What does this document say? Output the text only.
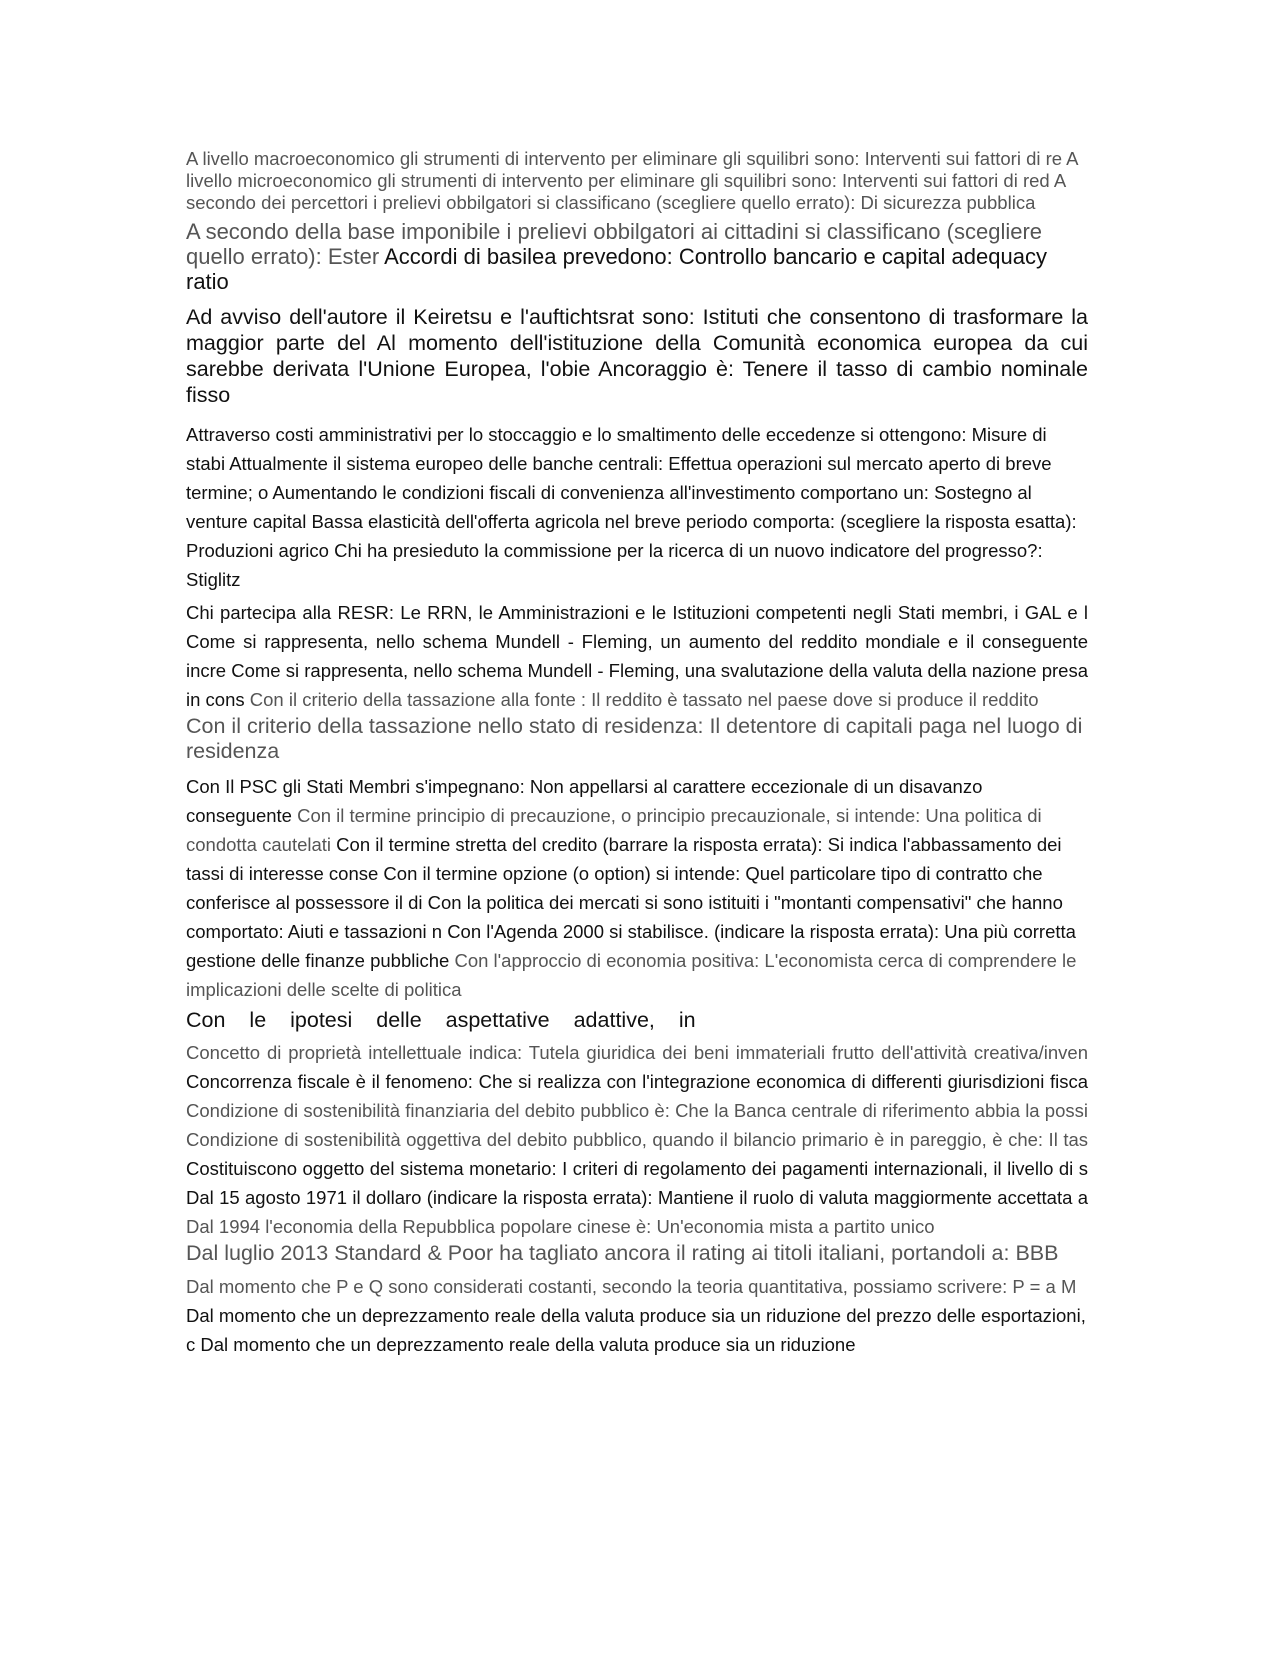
A livello macroeconomico gli strumenti di intervento per eliminare gli squilibri sono: Interventi sui fattori di re A livello microeconomico gli strumenti di intervento per eliminare gli squilibri sono: Interventi sui fattori di red A secondo dei percettori i prelievi obbilgatori si classificano (scegliere quello errato): Di sicurezza pubblica

A secondo della base imponibile i prelievi obbilgatori ai cittadini si classificano (scegliere quello errato): Ester Accordi di basilea prevedono: Controllo bancario e capital adequacy ratio

Ad avviso dell'autore il Keiretsu e l'auftichtsrat sono: Istituti che consentono di trasformare la maggior parte del Al momento dell'istituzione della Comunità economica europea da cui sarebbe derivata l'Unione Europea, l'obie Ancoraggio è: Tenere il tasso di cambio nominale fisso

Attraverso costi amministrativi per lo stoccaggio e lo smaltimento delle eccedenze si ottengono: Misure di stabi Attualmente il sistema europeo delle banche centrali: Effettua operazioni sul mercato aperto di breve termine; o Aumentando le condizioni fiscali di convenienza all'investimento comportano un: Sostegno al venture capital Bassa elasticità dell'offerta agricola nel breve periodo comporta: (scegliere la risposta esatta): Produzioni agrico Chi ha presieduto la commissione per la ricerca di un nuovo indicatore del progresso?: Stiglitz

Chi partecipa alla RESR: Le RRN, le Amministrazioni e le Istituzioni competenti negli Stati membri, i GAL e l Come si rappresenta, nello schema Mundell - Fleming, un aumento del reddito mondiale e il conseguente incre Come si rappresenta, nello schema Mundell - Fleming, una svalutazione della valuta della nazione presa in cons Con il criterio della tassazione alla fonte : Il reddito è tassato nel paese dove si produce il reddito

Con il criterio della tassazione nello stato di residenza: Il detentore di capitali paga nel luogo di residenza

Con Il PSC gli Stati Membri s'impegnano: Non appellarsi al carattere eccezionale di un disavanzo conseguente Con il termine principio di precauzione, o principio precauzionale, si intende: Una politica di condotta cautelati Con il termine stretta del credito (barrare la risposta errata): Si indica l'abbassamento dei tassi di interesse conse Con il termine opzione (o option) si intende: Quel particolare tipo di contratto che conferisce al possessore il di Con la politica dei mercati si sono istituiti i "montanti compensativi" che hanno comportato: Aiuti e tassazioni n Con l'Agenda 2000 si stabilisce. (indicare la risposta errata): Una più corretta gestione delle finanze pubbliche Con l'approccio di economia positiva: L'economista cerca di comprendere le implicazioni delle scelte di politica

Con le ipotesi delle aspettative adattive, in

Concetto di proprietà intellettuale indica: Tutela giuridica dei beni immateriali frutto dell'attività creativa/inven Concorrenza fiscale è il fenomeno: Che si realizza con l'integrazione economica di differenti giurisdizioni fisca Condizione di sostenibilità finanziaria del debito pubblico è: Che la Banca centrale di riferimento abbia la possi Condizione di sostenibilità oggettiva del debito pubblico, quando il bilancio primario è in pareggio, è che: Il tas Costituiscono oggetto del sistema monetario: I criteri di regolamento dei pagamenti internazionali, il livello di s Dal 15 agosto 1971 il dollaro (indicare la risposta errata): Mantiene il ruolo di valuta maggiormente accettata a Dal 1994 l'economia della Repubblica popolare cinese è: Un'economia mista a partito unico

Dal luglio 2013 Standard & Poor ha tagliato ancora il rating ai titoli italiani, portandoli a: BBB

Dal momento che P e Q sono considerati costanti, secondo la teoria quantitativa, possiamo scrivere: P = a M Dal momento che un deprezzamento reale della valuta produce sia un riduzione del prezzo delle esportazioni, c Dal momento che un deprezzamento reale della valuta produce sia un riduzione
